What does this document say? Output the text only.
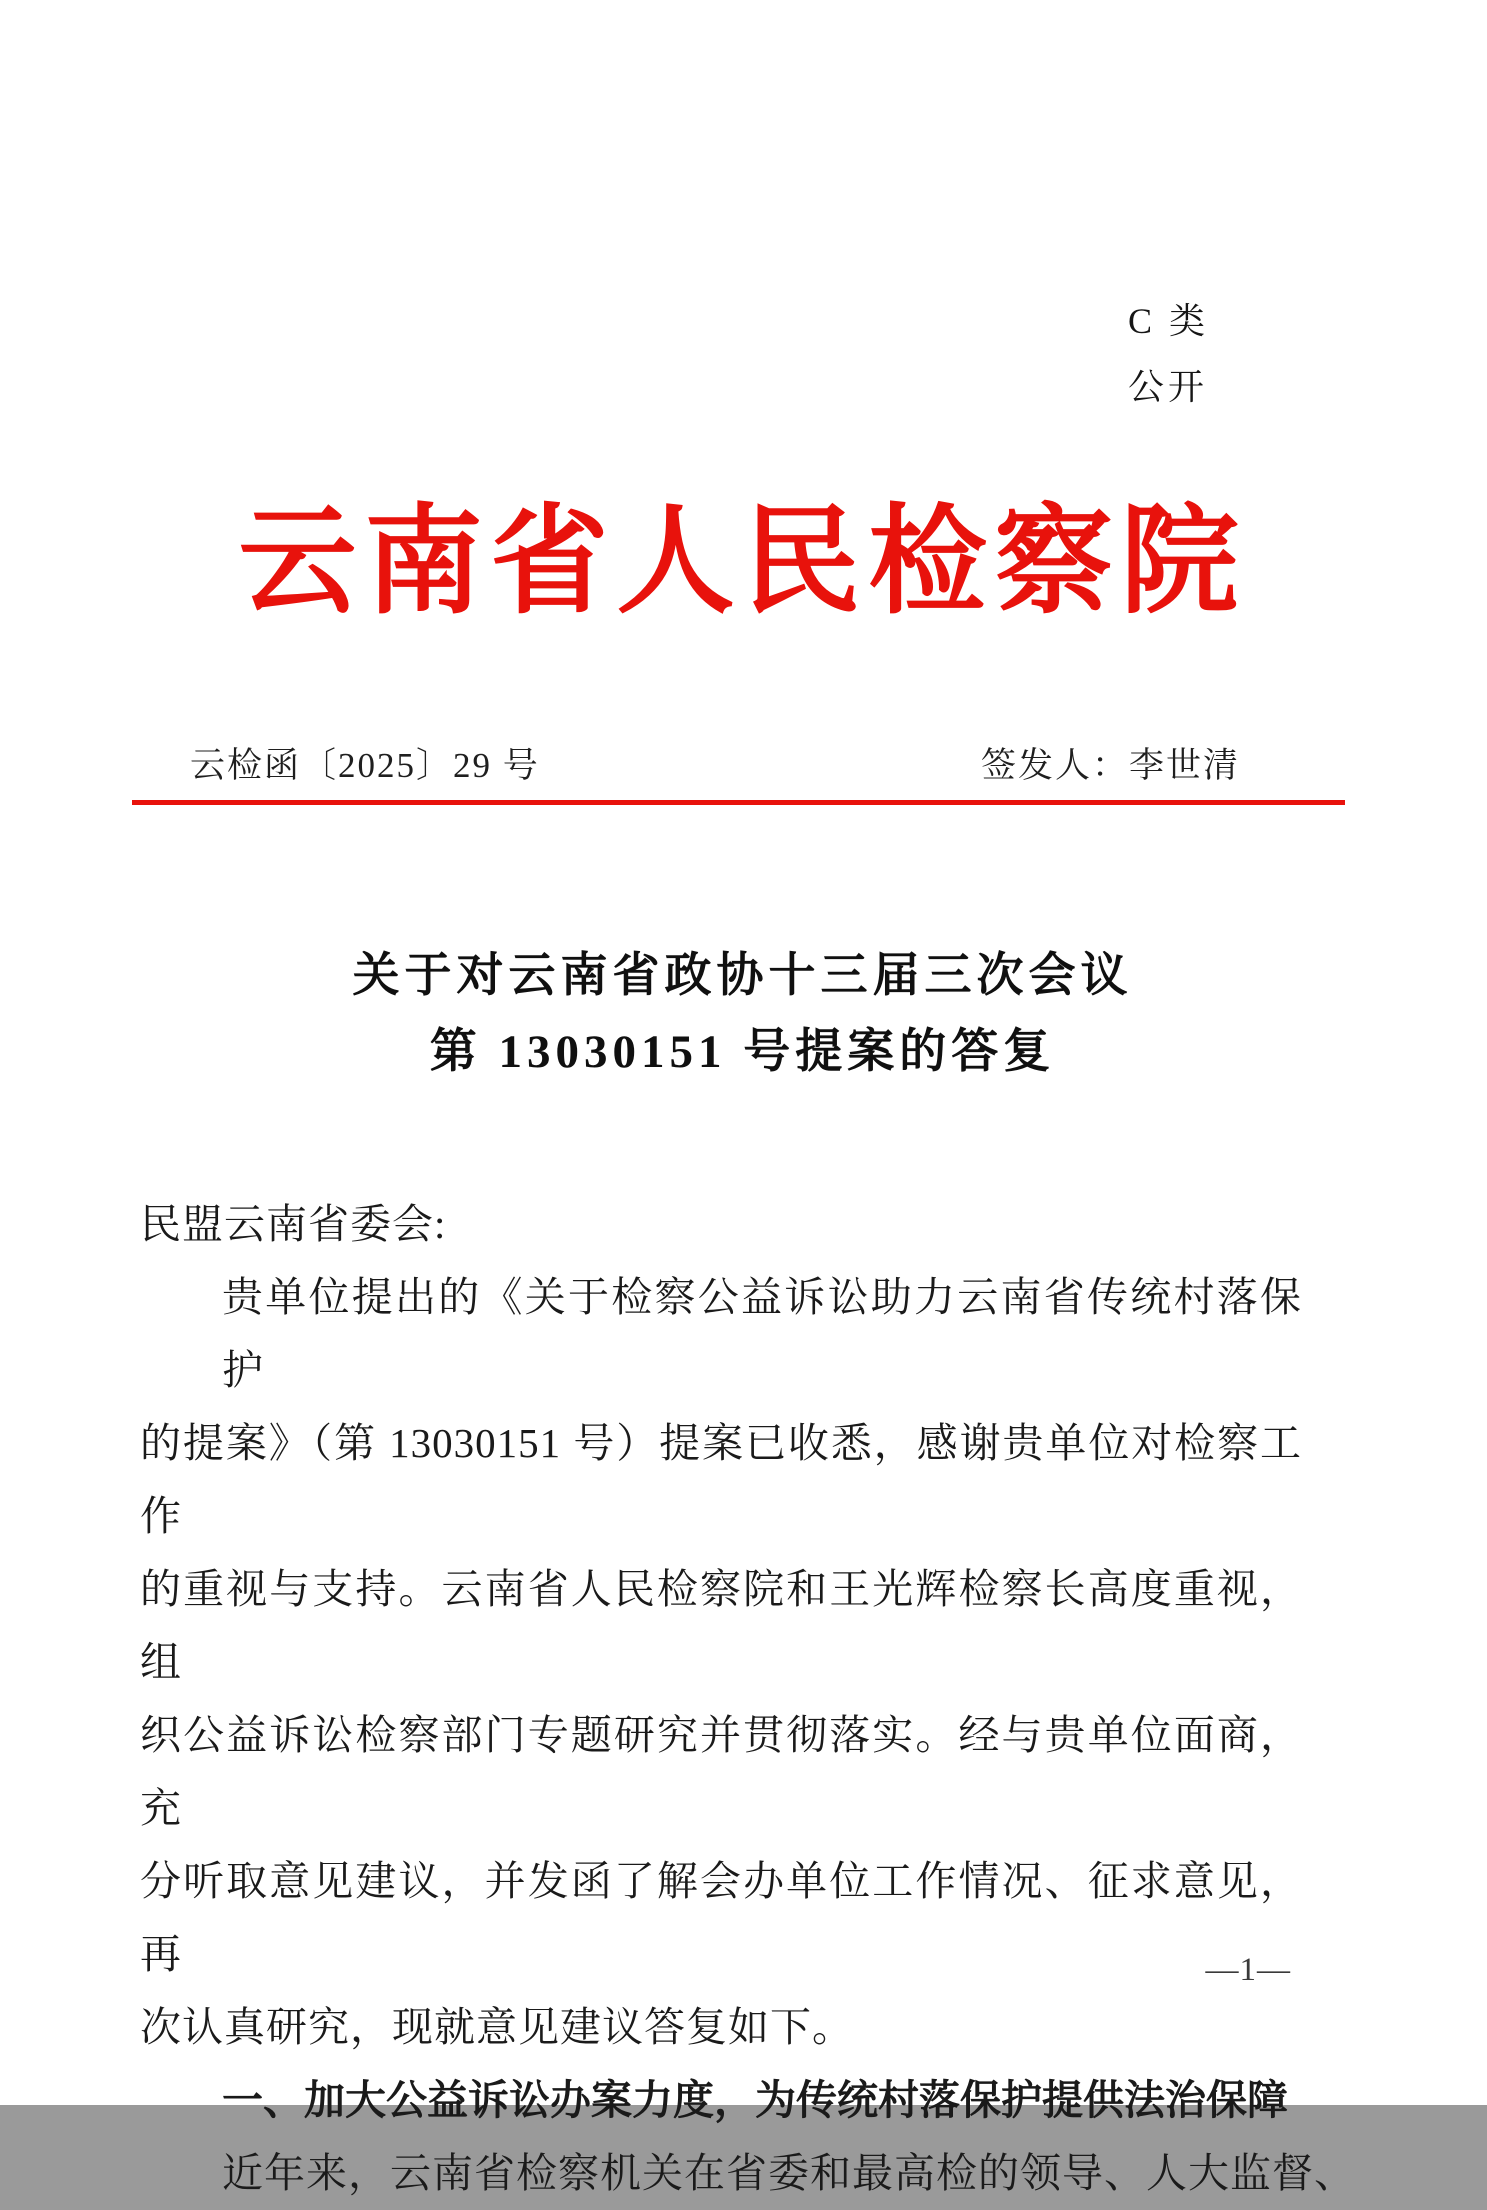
C 类
公开
云南省人民检察院
云检函〔2025〕29 号	签发人：李世清
关于对云南省政协十三届三次会议
第 13030151 号提案的答复
民盟云南省委会:
贵单位提出的《关于检察公益诉讼助力云南省传统村落保护
的提案》（第 13030151 号）提案已收悉，感谢贵单位对检察工作
的重视与支持。云南省人民检察院和王光辉检察长高度重视，组
织公益诉讼检察部门专题研究并贯彻落实。经与贵单位面商，充
分听取意见建议，并发函了解会办单位工作情况、征求意见，再
次认真研究，现就意见建议答复如下。
一、加大公益诉讼办案力度，为传统村落保护提供法治保障
近年来，云南省检察机关在省委和最高检的领导、人大监督、
—1—
